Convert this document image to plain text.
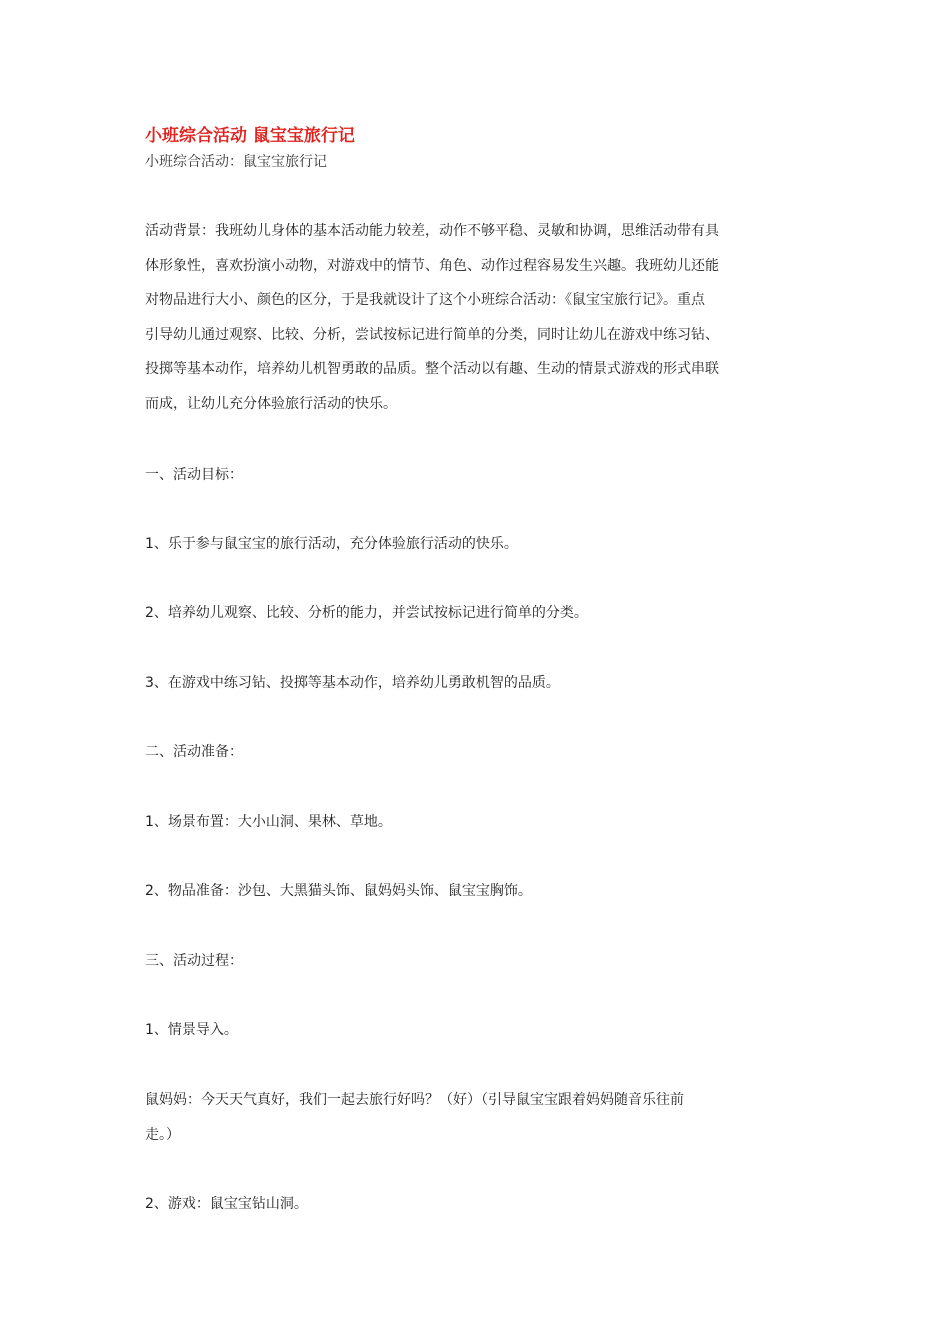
小班综合活动 鼠宝宝旅行记
小班综合活动：鼠宝宝旅行记
活动背景：我班幼儿身体的基本活动能力较差，动作不够平稳、灵敏和协调，思维活动带有具
体形象性，喜欢扮演小动物，对游戏中的情节、角色、动作过程容易发生兴趣。我班幼儿还能
对物品进行大小、颜色的区分，于是我就设计了这个小班综合活动：《鼠宝宝旅行记》。重点
引导幼儿通过观察、比较、分析，尝试按标记进行简单的分类，同时让幼儿在游戏中练习钻、
投掷等基本动作，培养幼儿机智勇敢的品质。整个活动以有趣、生动的情景式游戏的形式串联
而成，让幼儿充分体验旅行活动的快乐。
一、活动目标：
1、乐于参与鼠宝宝的旅行活动，充分体验旅行活动的快乐。
2、培养幼儿观察、比较、分析的能力，并尝试按标记进行简单的分类。
3、在游戏中练习钻、投掷等基本动作，培养幼儿勇敢机智的品质。
二、活动准备：
1、场景布置：大小山洞、果林、草地。
2、物品准备：沙包、大黑猫头饰、鼠妈妈头饰、鼠宝宝胸饰。
三、活动过程：
1、情景导入。
鼠妈妈：今天天气真好，我们一起去旅行好吗？（好）（引导鼠宝宝跟着妈妈随音乐往前
走。）
2、游戏：鼠宝宝钻山洞。
